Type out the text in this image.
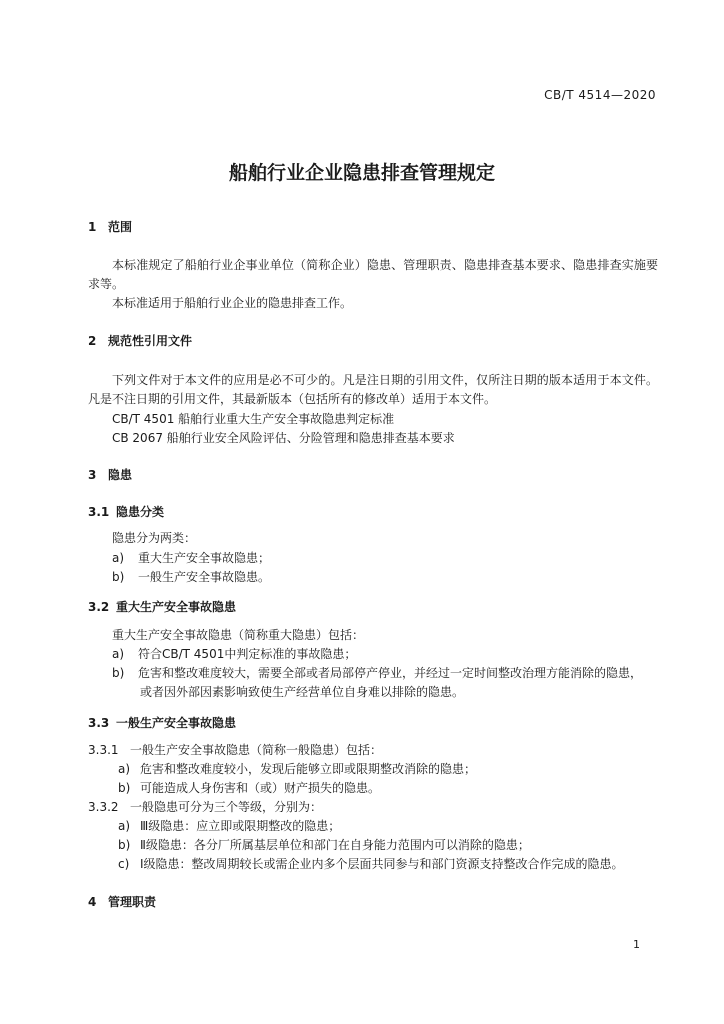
CB/T 4514—2020
船舶行业企业隐患排查管理规定
1 范围
本标准规定了船舶行业企事业单位（简称企业）隐患、管理职责、隐患排查基本要求、隐患排查实施要求等。
本标准适用于船舶行业企业的隐患排查工作。
2 规范性引用文件
下列文件对于本文件的应用是必不可少的。凡是注日期的引用文件，仅所注日期的版本适用于本文件。凡是不注日期的引用文件，其最新版本（包括所有的修改单）适用于本文件。
CB/T 4501 船舶行业重大生产安全事故隐患判定标准
CB 2067 船舶行业安全风险评估、分险管理和隐患排查基本要求
3 隐患
3.1 隐患分类
隐患分为两类：
a) 重大生产安全事故隐患；
b) 一般生产安全事故隐患。
3.2 重大生产安全事故隐患
重大生产安全事故隐患（简称重大隐患）包括：
a) 符合CB/T 4501中判定标准的事故隐患；
b) 危害和整改难度较大，需要全部或者局部停产停业，并经过一定时间整改治理方能消除的隐患，
或者因外部因素影响致使生产经营单位自身难以排除的隐患。
3.3 一般生产安全事故隐患
3.3.1 一般生产安全事故隐患（简称一般隐患）包括：
a) 危害和整改难度较小，发现后能够立即或限期整改消除的隐患；
b) 可能造成人身伤害和（或）财产损失的隐患。
3.3.2 一般隐患可分为三个等级，分别为：
a) Ⅲ级隐患：应立即或限期整改的隐患；
b) Ⅱ级隐患：各分厂所属基层单位和部门在自身能力范围内可以消除的隐患；
c) Ⅰ级隐患：整改周期较长或需企业内多个层面共同参与和部门资源支持整改合作完成的隐患。
4 管理职责
1
